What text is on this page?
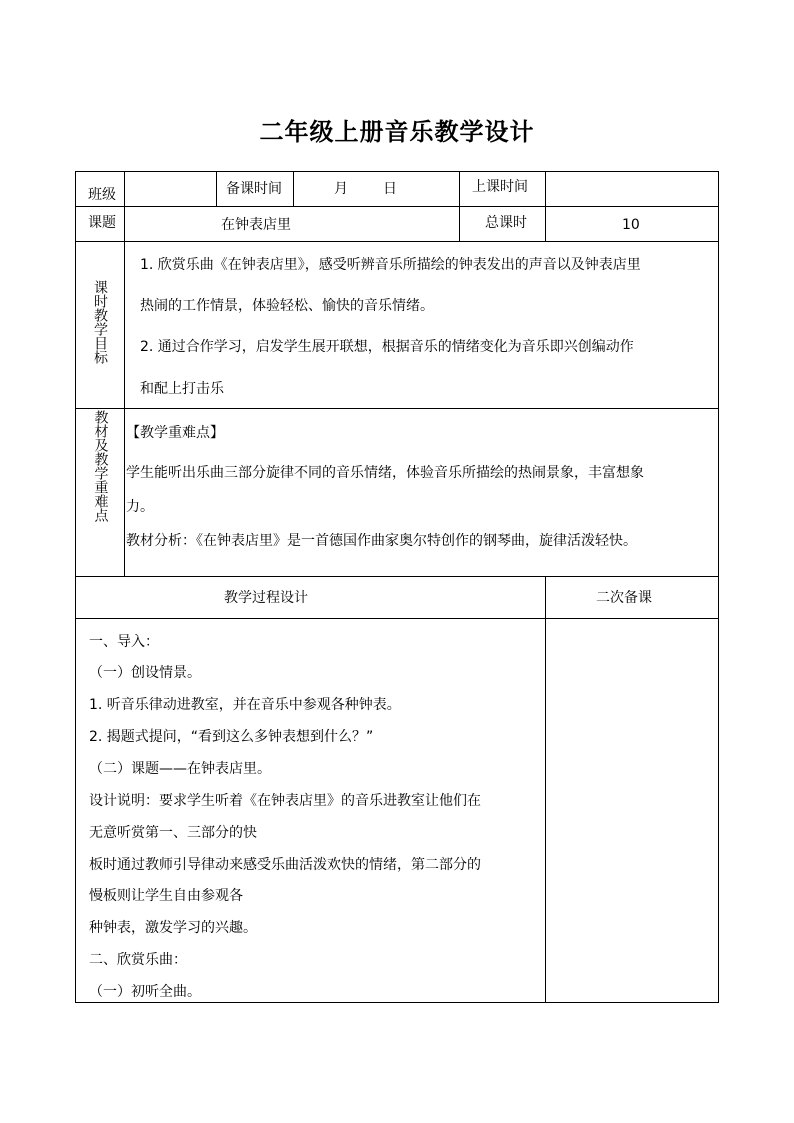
二年级上册音乐教学设计
班级	备课时间	月	日	上课时间
课题	在钟表店里	总课时	10
课时教学目标
1. 欣赏乐曲《在钟表店里》，感受听辨音乐所描绘的钟表发出的声音以及钟表店里
热闹的工作情景，体验轻松、愉快的音乐情绪。
2. 通过合作学习，启发学生展开联想，根据音乐的情绪变化为音乐即兴创编动作
和配上打击乐
教材及教学重难点 【教学重难点】
学生能听出乐曲三部分旋律不同的音乐情绪，体验音乐所描绘的热闹景象，丰富想象
力。
教材分析：《在钟表店里》是一首德国作曲家奥尔特创作的钢琴曲，旋律活泼轻快。
教学过程设计	二次备课
一、导入：
（一）创设情景。
1. 听音乐律动进教室，并在音乐中参观各种钟表。
2. 揭题式提问，“看到这么多钟表想到什么？”
（二）课题——在钟表店里。
设计说明：要求学生听着《在钟表店里》的音乐进教室让他们在
无意听赏第一、三部分的快
板时通过教师引导律动来感受乐曲活泼欢快的情绪，第二部分的
慢板则让学生自由参观各
种钟表，激发学习的兴趣。
二、欣赏乐曲：
（一）初听全曲。
